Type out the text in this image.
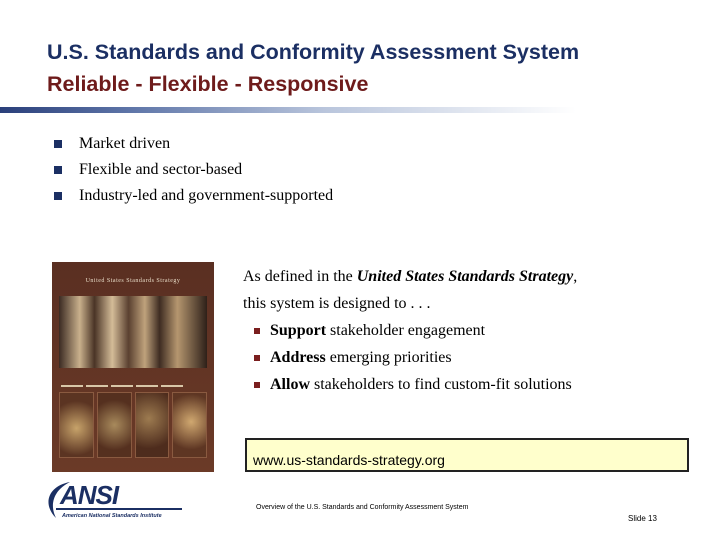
U.S. Standards and Conformity Assessment System
Reliable - Flexible - Responsive
Market driven
Flexible and sector-based
Industry-led and government-supported
United States Standards Strategy	As defined in the United States Standards Strategy,
this system is designed to . . .
Support stakeholder engagement
Address emerging priorities
Allow stakeholders to find custom-fit solutions
www.us-standards-strategy.org
ANSI
American National Standards Institute
Overview of the U.S. Standards and Conformity Assessment System
Slide 13
